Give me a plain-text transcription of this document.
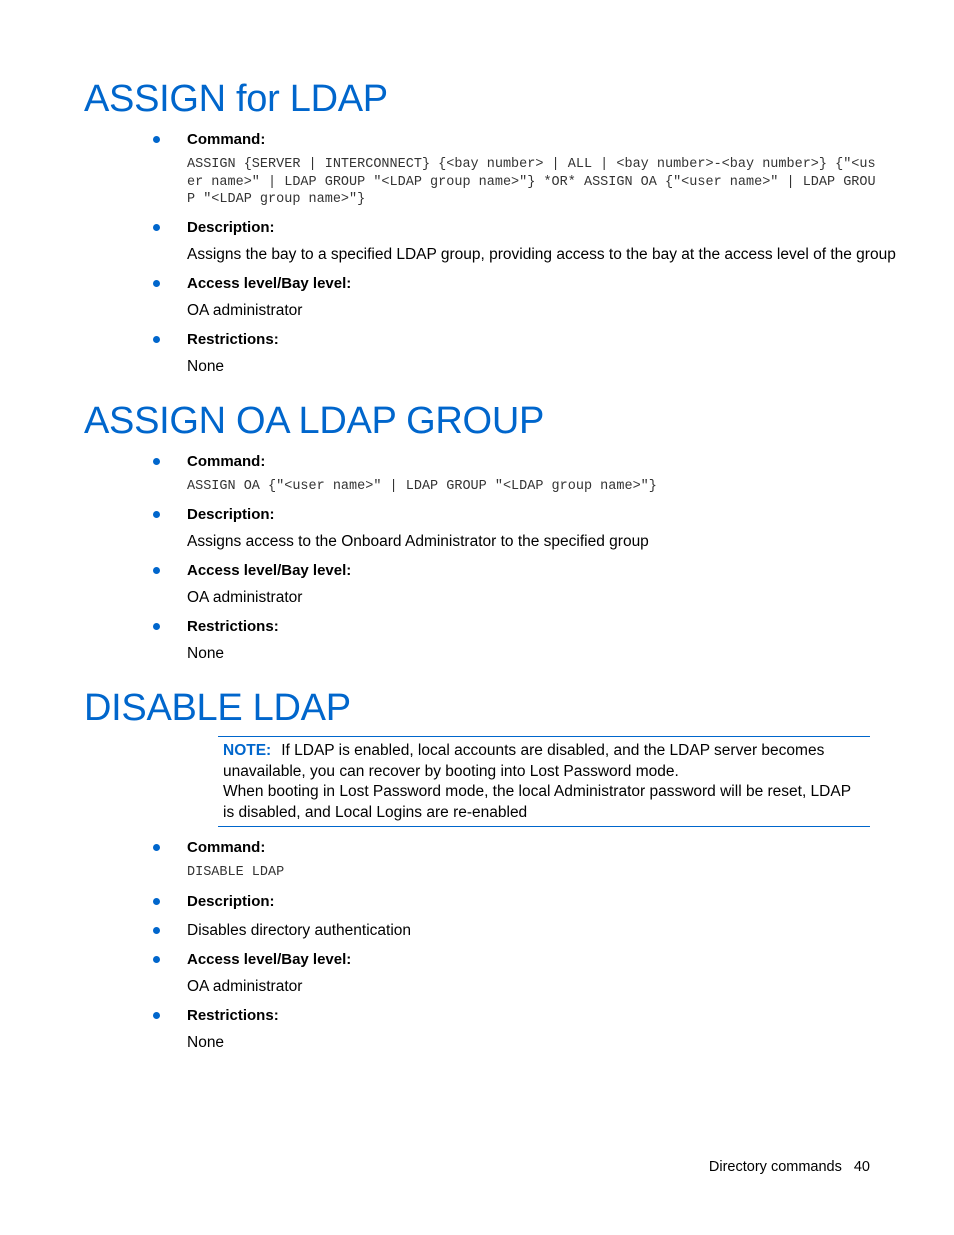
ASSIGN for LDAP
Command:
ASSIGN {SERVER | INTERCONNECT} {<bay number> | ALL | <bay number>-<bay number>} {"<user name>" | LDAP GROUP "<LDAP group name>"} *OR* ASSIGN OA {"<user name>" | LDAP GROUP "<LDAP group name>"}
Description:
Assigns the bay to a specified LDAP group, providing access to the bay at the access level of the group
Access level/Bay level:
OA administrator
Restrictions:
None
ASSIGN OA LDAP GROUP
Command:
ASSIGN OA {"<user name>" | LDAP GROUP "<LDAP group name>"}
Description:
Assigns access to the Onboard Administrator to the specified group
Access level/Bay level:
OA administrator
Restrictions:
None
DISABLE LDAP
NOTE: If LDAP is enabled, local accounts are disabled, and the LDAP server becomes unavailable, you can recover by booting into Lost Password mode.
When booting in Lost Password mode, the local Administrator password will be reset, LDAP is disabled, and Local Logins are re-enabled
Command:
DISABLE LDAP
Description:
Disables directory authentication
Access level/Bay level:
OA administrator
Restrictions:
None
Directory commands 40
